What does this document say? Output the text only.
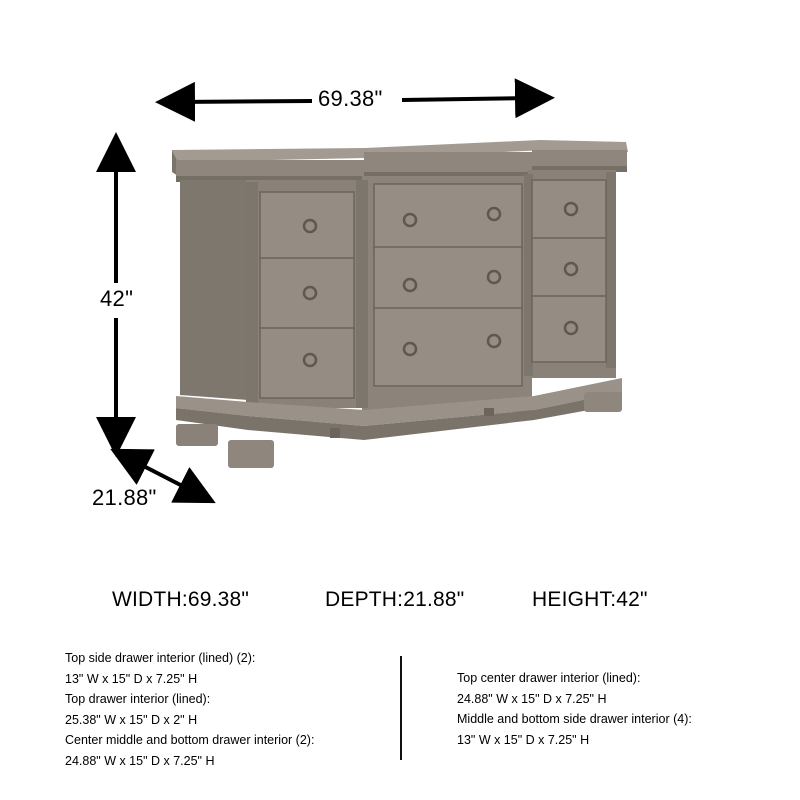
69.38"
42"
21.88"
WIDTH:69.38"	DEPTH:21.88"	HEIGHT:42"
Top side drawer interior (lined) (2):
13" W x 15" D x 7.25" H
Top drawer interior (lined):
25.38" W x 15" D x 2" H
Center middle and bottom drawer interior (2):
24.88" W x 15" D x 7.25" H
Top center drawer interior (lined):
24.88" W x 15" D x 7.25" H
Middle and bottom side drawer interior (4):
13" W x 15" D x 7.25" H
